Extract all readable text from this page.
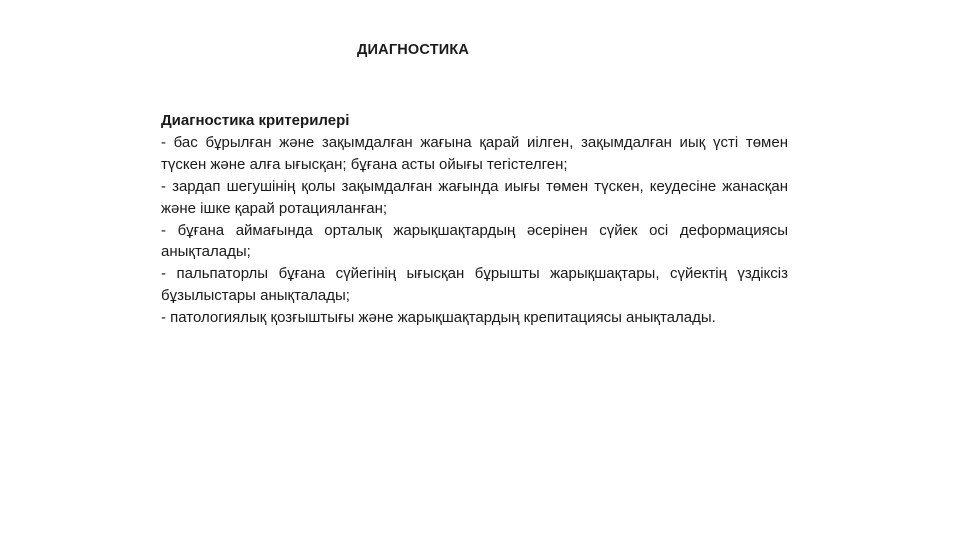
ДИАГНОСТИКА

Диагностика критерилері

- бас бұрылған және зақымдалған жағына қарай иілген, зақымдалған иық үсті төмен түскен және алға ығысқан; бұғана асты ойығы тегістелген;

- зардап шегушінің қолы зақымдалған жағында иығы төмен түскен, кеудесіне жанасқан және ішке қарай ротацияланған;

- бұғана аймағында орталық жарықшақтардың әсерінен сүйек осі деформациясы анықталады;

- пальпаторлы бұғана сүйегінің ығысқан бұрышты жарықшақтары, сүйектің үздіксіз бұзылыстары анықталады;

- патологиялық қозғыштығы және жарықшақтардың крепитациясы анықталады.
